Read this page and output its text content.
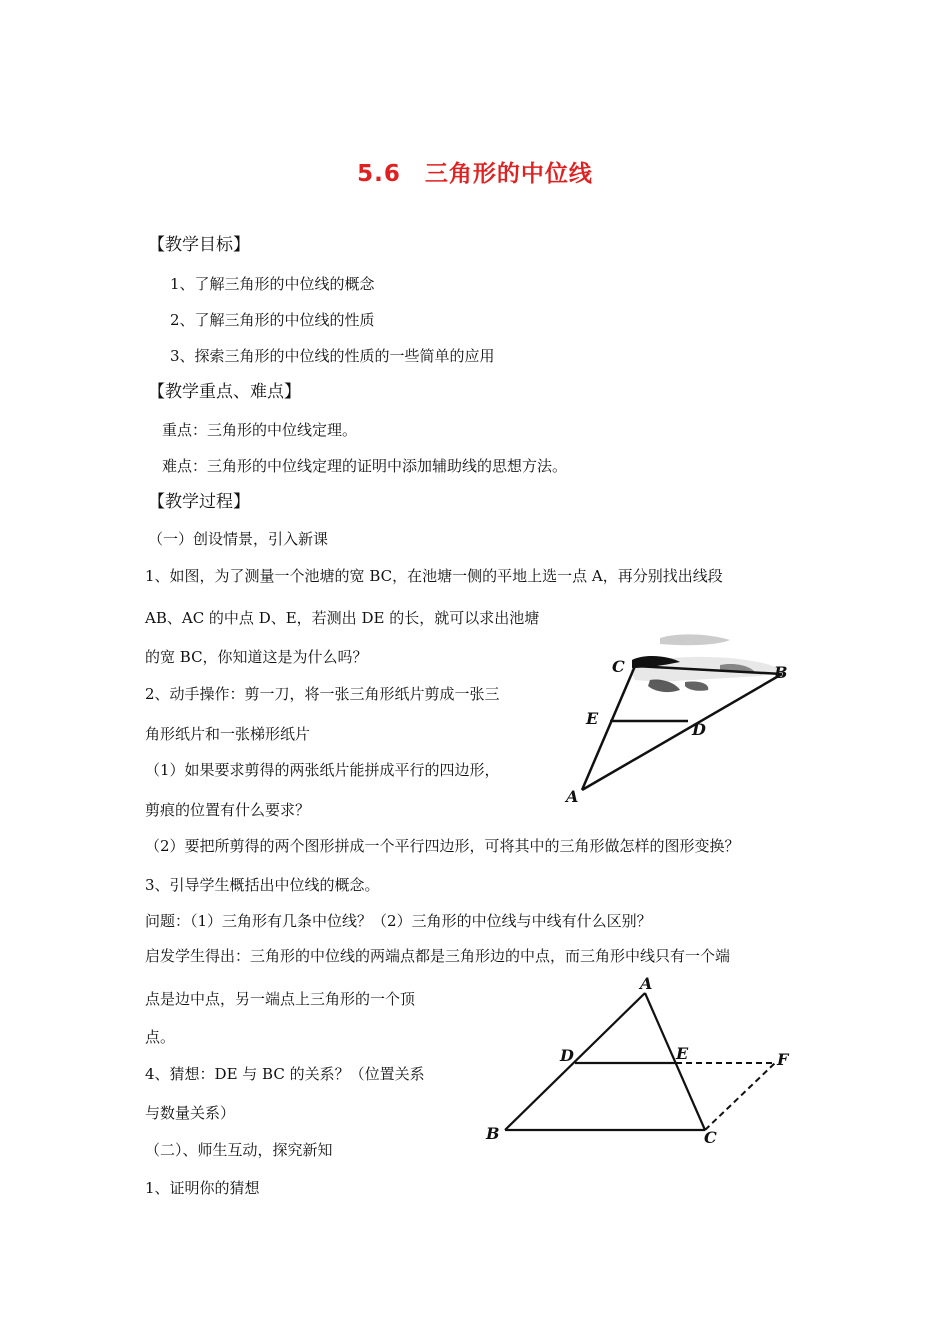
5.6　三角形的中位线
【教学目标】
1、了解三角形的中位线的概念
2、了解三角形的中位线的性质
3、探索三角形的中位线的性质的一些简单的应用
【教学重点、难点】
重点：三角形的中位线定理。
难点：三角形的中位线定理的证明中添加辅助线的思想方法。
【教学过程】
（一）创设情景，引入新课
1、如图，为了测量一个池塘的宽 BC，在池塘一侧的平地上选一点 A，再分别找出线段
AB、AC 的中点 D、E，若测出 DE 的长，就可以求出池塘
的宽 BC，你知道这是为什么吗？
2、动手操作：剪一刀，将一张三角形纸片剪成一张三
角形纸片和一张梯形纸片
（1）如果要求剪得的两张纸片能拼成平行的四边形，
剪痕的位置有什么要求？
（2）要把所剪得的两个图形拼成一个平行四边形，可将其中的三角形做怎样的图形变换？
3、引导学生概括出中位线的概念。
问题：（1）三角形有几条中位线？（2）三角形的中位线与中线有什么区别？
启发学生得出：三角形的中位线的两端点都是三角形边的中点，而三角形中线只有一个端
点是边中点，另一端点上三角形的一个顶
点。
4、猜想：DE 与 BC 的关系？（位置关系
与数量关系）
（二）、师生互动，探究新知
1、证明你的猜想
A
B
C
D
E
A
B	C
D	E	F
